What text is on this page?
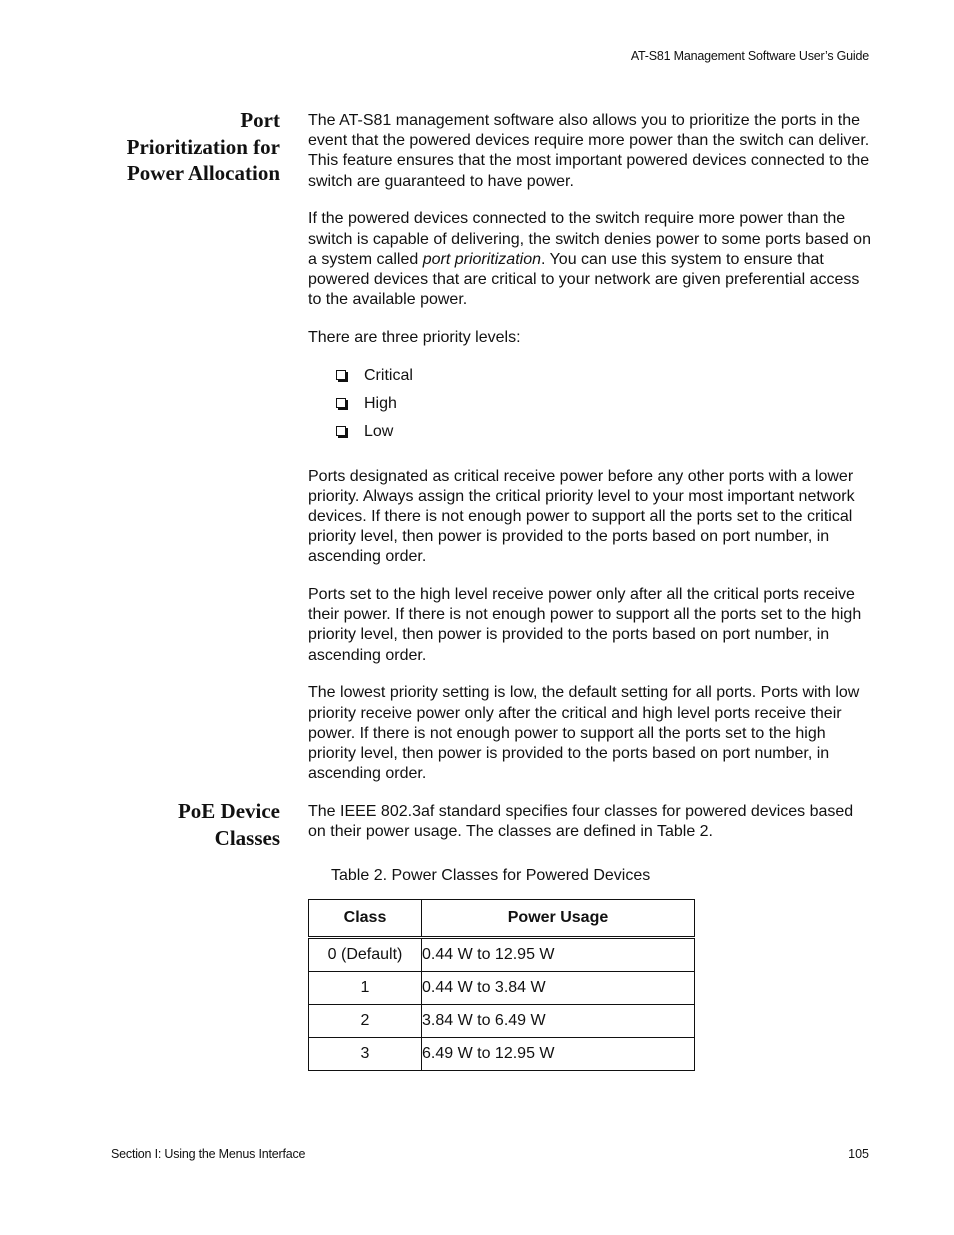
AT-S81 Management Software User’s Guide
Port
Prioritization for
Power Allocation

The AT-S81 management software also allows you to prioritize the ports in the event that the powered devices require more power than the switch can deliver. This feature ensures that the most important powered devices connected to the switch are guaranteed to have power.

If the powered devices connected to the switch require more power than the switch is capable of delivering, the switch denies power to some ports based on a system called port prioritization. You can use this system to ensure that powered devices that are critical to your network are given preferential access to the available power.

There are three priority levels:

Critical
High
Low

Ports designated as critical receive power before any other ports with a lower priority. Always assign the critical priority level to your most important network devices. If there is not enough power to support all the ports set to the critical priority level, then power is provided to the ports based on port number, in ascending order.

Ports set to the high level receive power only after all the critical ports receive their power. If there is not enough power to support all the ports set to the high priority level, then power is provided to the ports based on port number, in ascending order.

The lowest priority setting is low, the default setting for all ports. Ports with low priority receive power only after the critical and high level ports receive their power. If there is not enough power to support all the ports set to the high priority level, then power is provided to the ports based on port number, in ascending order.

PoE Device
Classes

The IEEE 802.3af standard specifies four classes for powered devices based on their power usage. The classes are defined in Table 2.

Table 2. Power Classes for Powered Devices
Class	Power Usage
0 (Default)	0.44 W to 12.95 W
1	0.44 W to 3.84 W
2	3.84 W to 6.49 W
3	6.49 W to 12.95 W
Section I: Using the Menus Interface	105
